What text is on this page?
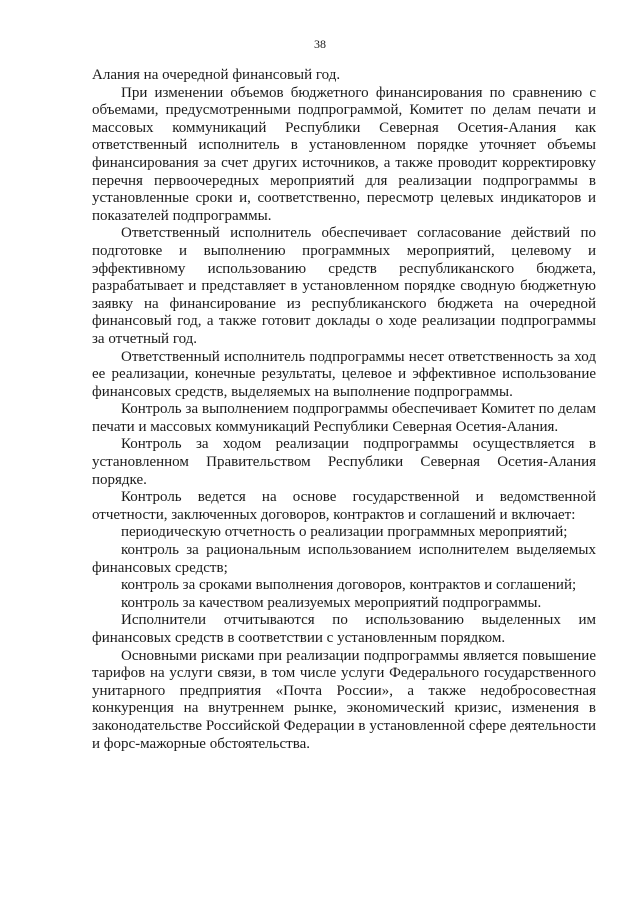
38

Алания на очередной финансовый год.

При изменении объемов бюджетного финансирования по сравнению с объемами, предусмотренными подпрограммой, Комитет по делам печати и массовых коммуникаций Республики Северная Осетия-Алания как ответственный исполнитель в установленном порядке уточняет объемы финансирования за счет других источников, а также проводит корректировку перечня первоочередных мероприятий для реализации подпрограммы в установленные сроки и, соответственно, пересмотр целевых индикаторов и показателей подпрограммы.

Ответственный исполнитель обеспечивает согласование действий по подготовке и выполнению программных мероприятий, целевому и эффективному использованию средств республиканского бюджета, разрабатывает и представляет в установленном порядке сводную бюджетную заявку на финансирование из республиканского бюджета на очередной финансовый год, а также готовит доклады о ходе реализации подпрограммы за отчетный год.

Ответственный исполнитель подпрограммы несет ответственность за ход ее реализации, конечные результаты, целевое и эффективное использование финансовых средств, выделяемых на выполнение подпрограммы.

Контроль за выполнением подпрограммы обеспечивает Комитет по делам печати и массовых коммуникаций Республики Северная Осетия-Алания.

Контроль за ходом реализации подпрограммы осуществляется в установленном Правительством Республики Северная Осетия-Алания порядке.

Контроль ведется на основе государственной и ведомственной отчетности, заключенных договоров, контрактов и соглашений и включает:

периодическую отчетность о реализации программных мероприятий;

контроль за рациональным использованием исполнителем выделяемых финансовых средств;

контроль за сроками выполнения договоров, контрактов и соглашений;

контроль за качеством реализуемых мероприятий подпрограммы.

Исполнители отчитываются по использованию выделенных им финансовых средств в соответствии с установленным порядком.

Основными рисками при реализации подпрограммы является повышение тарифов на услуги связи, в том числе услуги Федерального государственного унитарного предприятия «Почта России», а также недобросовестная конкуренция на внутреннем рынке, экономический кризис, изменения в законодательстве Российской Федерации в установленной сфере деятельности и форс-мажорные обстоятельства.
